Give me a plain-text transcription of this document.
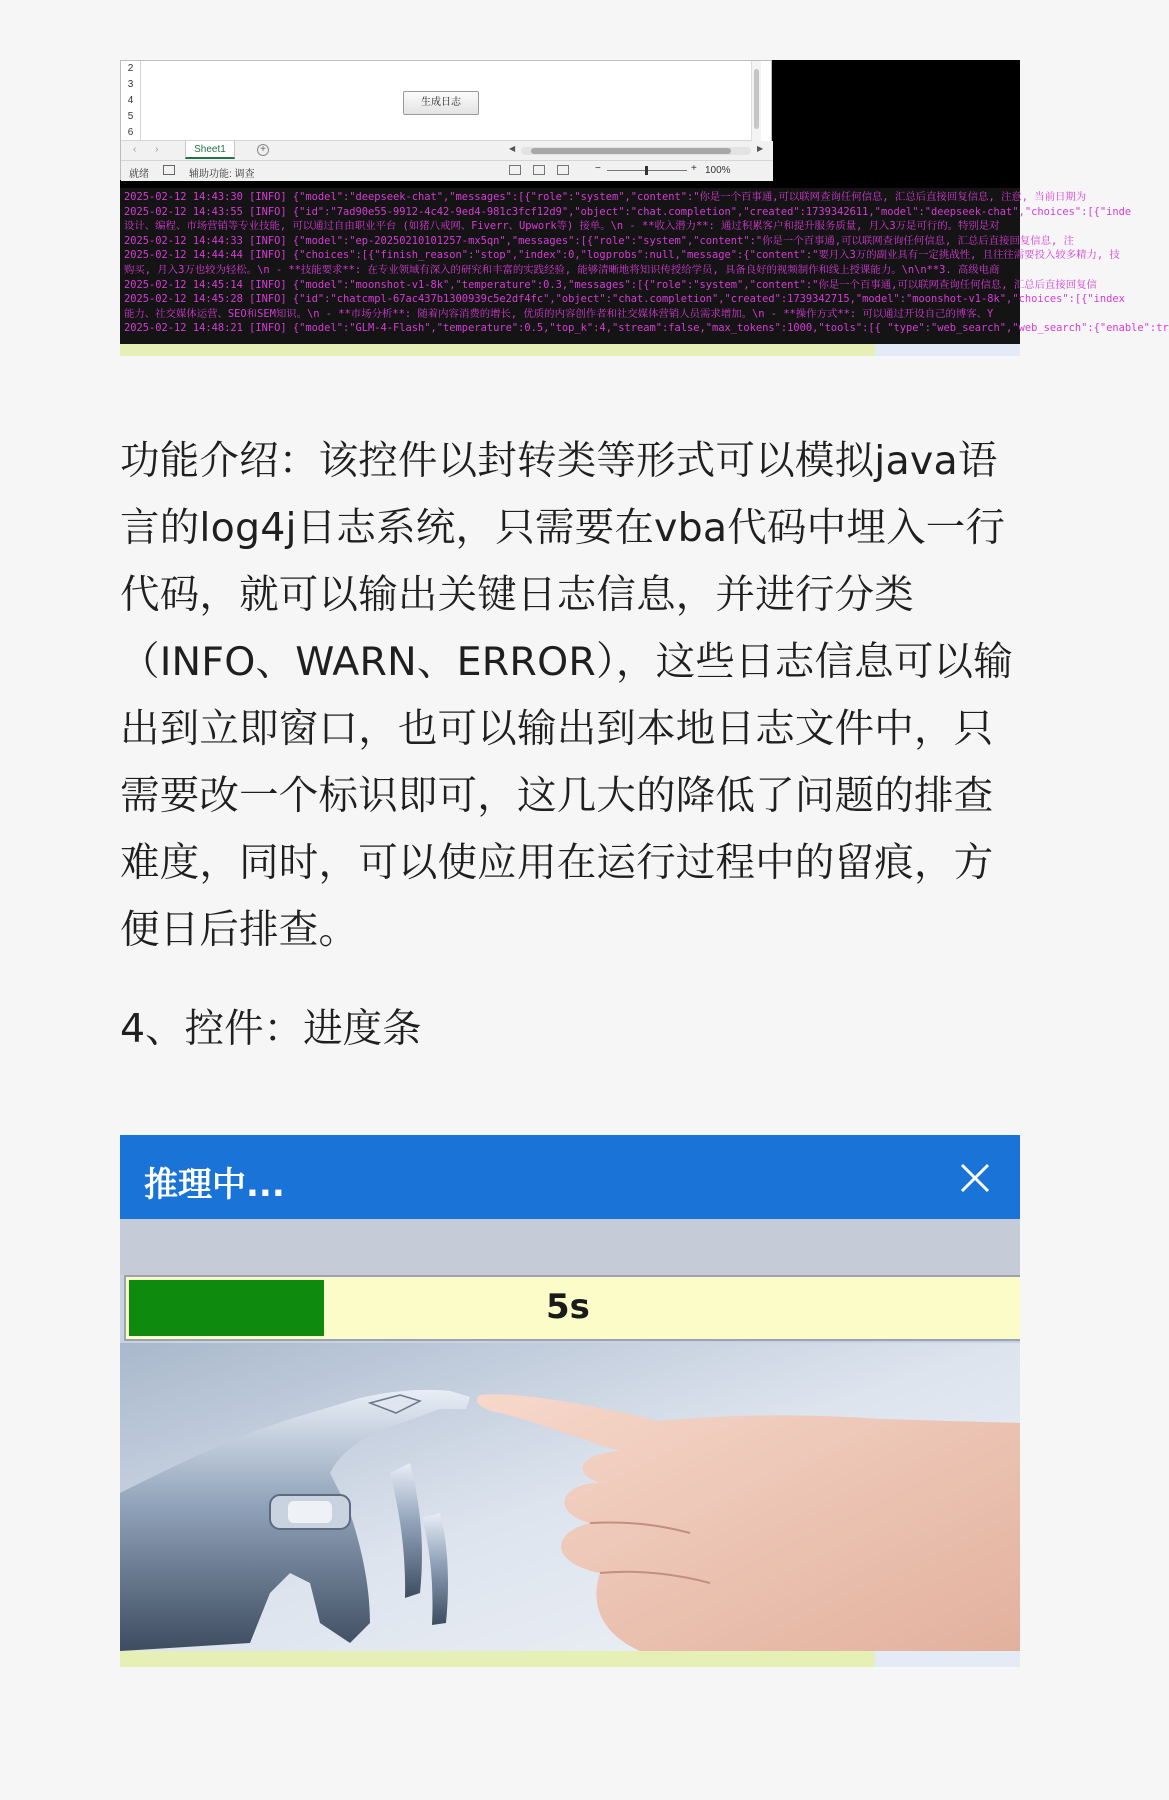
2
3
4
5
6
生成日志
‹ ›	Sheet1	+	◀	▶
就绪	辅助功能: 调查
−	+ 100%
2025-02-12 14:43:30 [INFO] {"model":"deepseek-chat","messages":[{"role":"system","content":"你是一个百事通,可以联网查询任何信息, 汇总后直接回复信息, 注意, 当前日期为
2025-02-12 14:43:55 [INFO] {"id":"7ad90e55-9912-4c42-9ed4-981c3fcf12d9","object":"chat.completion","created":1739342611,"model":"deepseek-chat","choices":[{"inde
设计、编程、市场营销等专业技能, 可以通过自由职业平台 (如猪八戒网、Fiverr、Upwork等) 接单。\n - **收入潜力**: 通过积累客户和提升服务质量, 月入3万是可行的。特别是对
2025-02-12 14:44:33 [INFO] {"model":"ep-20250210101257-mx5qn","messages":[{"role":"system","content":"你是一个百事通,可以联网查询任何信息, 汇总后直接回复信息, 注
2025-02-12 14:44:44 [INFO] {"choices":[{"finish_reason":"stop","index":0,"logprobs":null,"message":{"content":"要月入3万的副业具有一定挑战性, 且往往需要投入较多精力, 技
购买, 月入3万也较为轻松。\n - **技能要求**: 在专业领域有深入的研究和丰富的实践经验, 能够清晰地将知识传授给学员, 具备良好的视频制作和线上授课能力。\n\n**3. 高级电商
2025-02-12 14:45:14 [INFO] {"model":"moonshot-v1-8k","temperature":0.3,"messages":[{"role":"system","content":"你是一个百事通,可以联网查询任何信息, 汇总后直接回复信
2025-02-12 14:45:28 [INFO] {"id":"chatcmpl-67ac437b1300939c5e2df4fc","object":"chat.completion","created":1739342715,"model":"moonshot-v1-8k","choices":[{"index
能力、社交媒体运营、SEO和SEM知识。\n - **市场分析**: 随着内容消费的增长, 优质的内容创作者和社交媒体营销人员需求增加。\n - **操作方式**: 可以通过开设自己的博客、Y
2025-02-12 14:48:21 [INFO] {"model":"GLM-4-Flash","temperature":0.5,"top_k":4,"stream":false,"max_tokens":1000,"tools":[{ "type":"web_search","web_search":{"enable":tr

功能介绍：该控件以封转类等形式可以模拟java语言的log4j日志系统，只需要在vba代码中埋入一行代码，就可以输出关键日志信息，并进行分类（INFO、WARN、ERROR），这些日志信息可以输出到立即窗口，也可以输出到本地日志文件中，只需要改一个标识即可，这几大的降低了问题的排查难度，同时，可以使应用在运行过程中的留痕，方便日后排查。

4、控件：进度条

推理中...
5s
